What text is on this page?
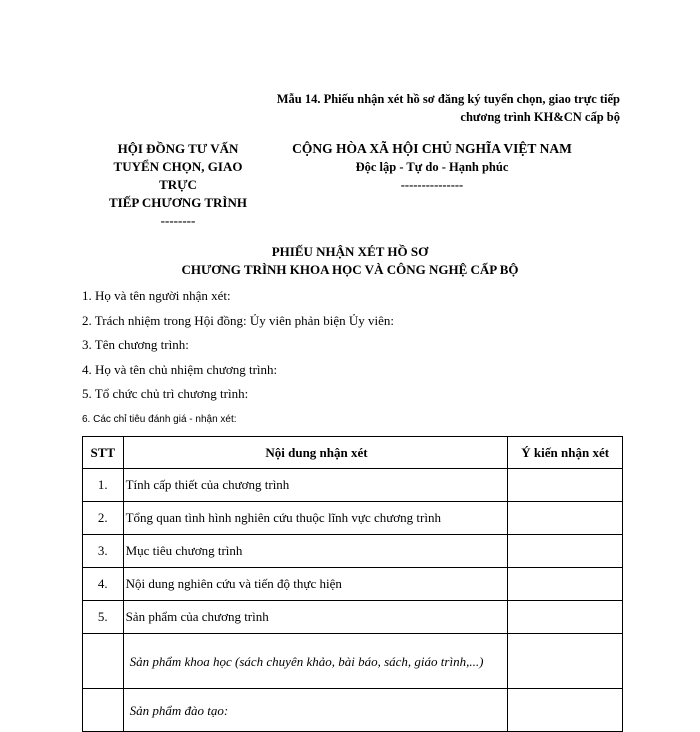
Mẫu 14. Phiếu nhận xét hồ sơ đăng ký tuyển chọn, giao trực tiếp
chương trình KH&CN cấp bộ
HỘI ĐỒNG TƯ VẤN
TUYỂN CHỌN, GIAO
TRỰC
TIẾP CHƯƠNG TRÌNH
--------
CỘNG HÒA XÃ HỘI CHỦ NGHĨA VIỆT NAM
Độc lập - Tự do - Hạnh phúc
---------------
PHIẾU NHẬN XÉT HỒ SƠ
CHƯƠNG TRÌNH KHOA HỌC VÀ CÔNG NGHỆ CẤP BỘ
1. Họ và tên người nhận xét:
2. Trách nhiệm trong Hội đồng: Ủy viên phản biện Ủy viên:
3. Tên chương trình:
4. Họ và tên chủ nhiệm chương trình:
5. Tổ chức chủ trì chương trình:
6. Các chỉ tiêu đánh giá - nhận xét:
STT	Nội dung nhận xét	Ý kiến nhận xét
1.	Tính cấp thiết của chương trình	
2.	Tổng quan tình hình nghiên cứu thuộc lĩnh vực chương trình	
3.	Mục tiêu chương trình	
4.	Nội dung nghiên cứu và tiến độ thực hiện	
5.	Sản phẩm của chương trình	
	Sản phẩm khoa học (sách chuyên khảo, bài báo, sách, giáo trình,...)	
	Sản phẩm đào tạo:	
